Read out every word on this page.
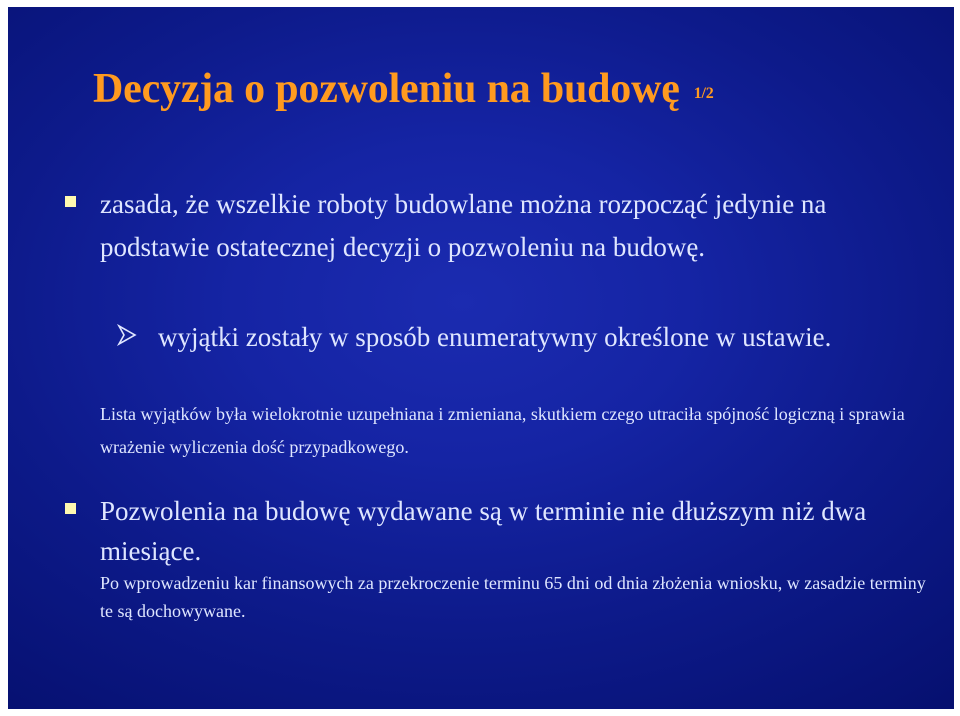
Decyzja o pozwoleniu na budowę 1/2

zasada, że wszelkie roboty budowlane można rozpocząć jedynie na podstawie ostatecznej decyzji o pozwoleniu na budowę.

wyjątki zostały w sposób enumeratywny określone w ustawie.

Lista wyjątków była wielokrotnie uzupełniana i zmieniana, skutkiem czego utraciła spójność logiczną i sprawia wrażenie wyliczenia dość przypadkowego.

Pozwolenia na budowę wydawane są w terminie nie dłuższym niż dwa miesiące.

Po wprowadzeniu kar finansowych za przekroczenie terminu 65 dni od dnia złożenia wniosku, w zasadzie terminy te są dochowywane.
